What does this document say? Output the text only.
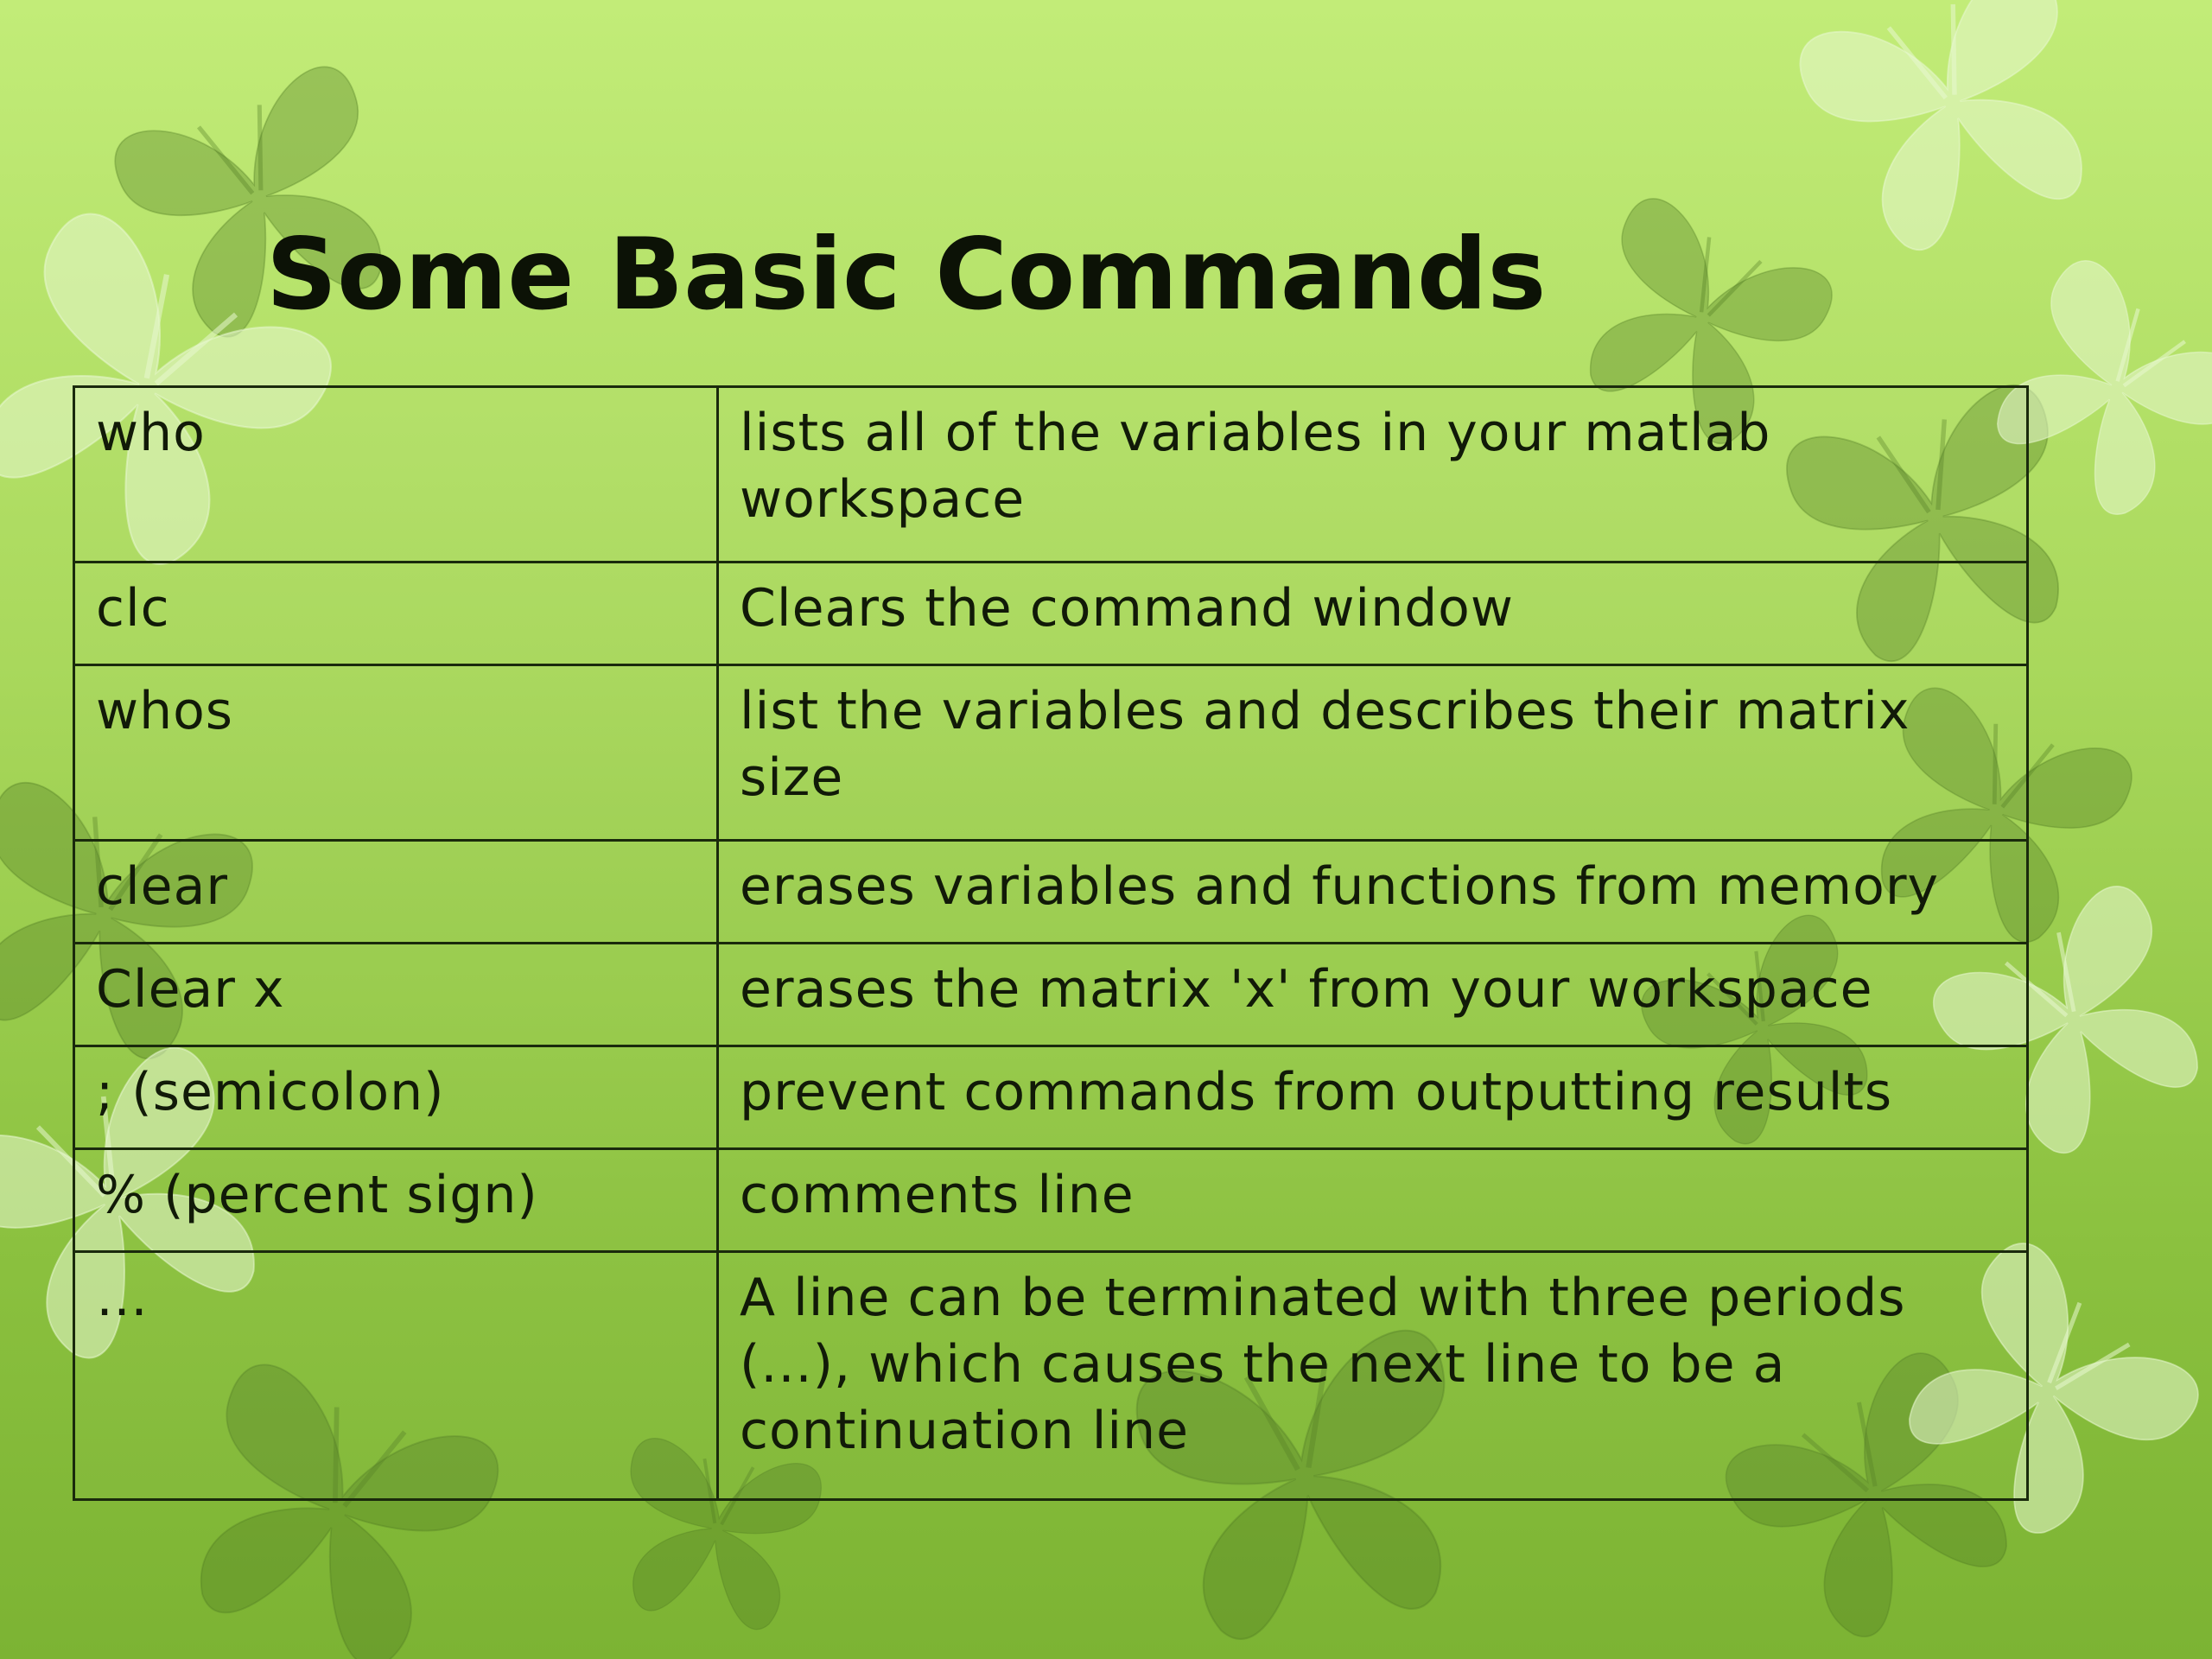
Some Basic Commands
who	lists all of the variables in your matlab workspace
clc	Clears the command window
whos	list the variables and describes their matrix size
clear	erases variables and functions from memory
Clear x	erases the matrix 'x' from your workspace
; (semicolon)	prevent commands from outputting results
% (percent sign)	comments line
…	A line can be terminated with three periods (...), which causes the next line to be a continuation line
